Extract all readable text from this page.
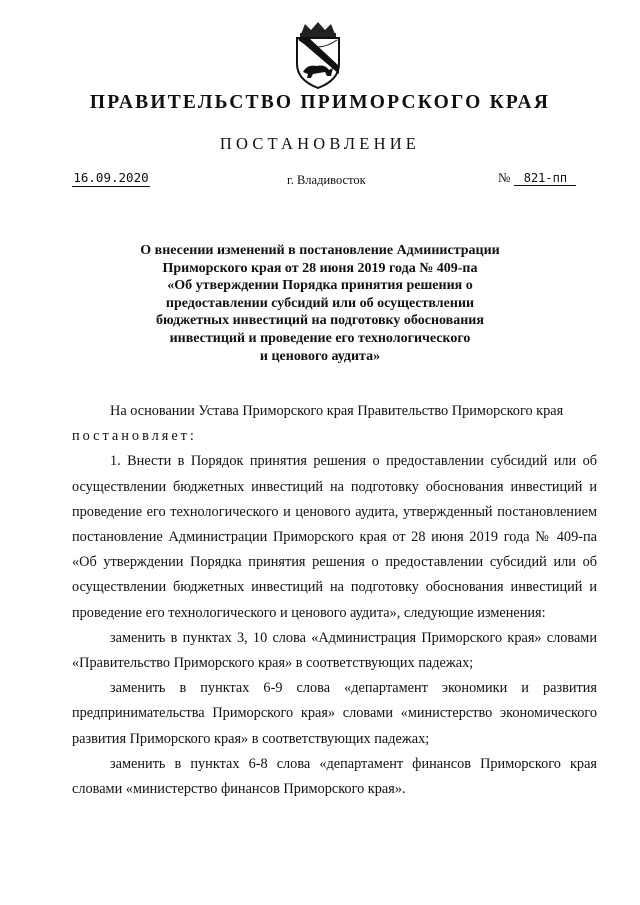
ПРАВИТЕЛЬСТВО ПРИМОРСКОГО КРАЯ
ПОСТАНОВЛЕНИЕ
16.09.2020	г. Владивосток	№ 821-пп
О внесении изменений в постановление Администрации
Приморского края от 28 июня 2019 года № 409-па
«Об утверждении Порядка принятия решения о
предоставлении субсидий или об осуществлении
бюджетных инвестиций на подготовку обоснования
инвестиций и проведение его технологического
и ценового аудита»

На основании Устава Приморского края Правительство Приморского края

постановляет:

1. Внести в Порядок принятия решения о предоставлении субсидий или об осуществлении бюджетных инвестиций на подготовку обоснования инвестиций и проведение его технологического и ценового аудита, утвержденный постановлением постановление Администрации Приморского края от 28 июня 2019 года № 409-па «Об утверждении Порядка принятия решения о предоставлении субсидий или об осуществлении бюджетных инвестиций на подготовку обоснования инвестиций и проведение его технологического и ценового аудита», следующие изменения:

заменить в пунктах 3, 10 слова «Администрация Приморского края» словами «Правительство Приморского края» в соответствующих падежах;

заменить в пунктах 6-9 слова «департамент экономики и развития предпринимательства Приморского края» словами «министерство экономического развития Приморского края» в соответствующих падежах;

заменить в пунктах 6-8 слова «департамент финансов Приморского края словами «министерство финансов Приморского края».
